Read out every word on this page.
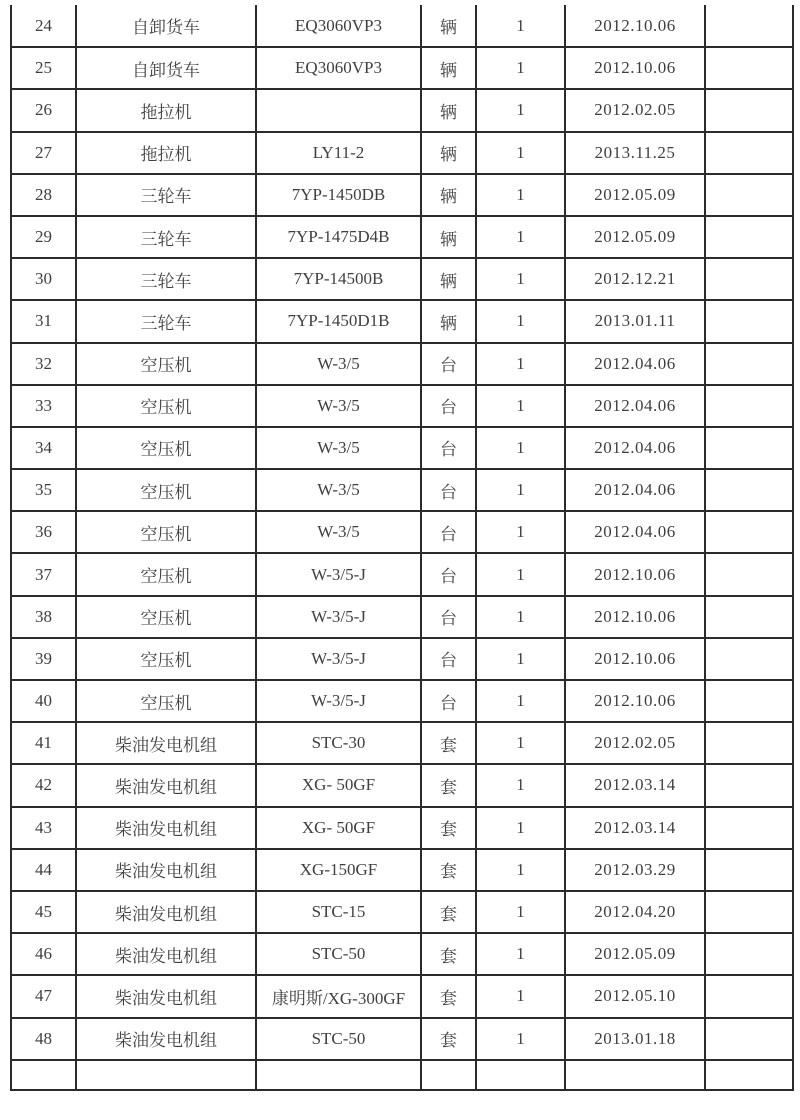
24	自卸货车	EQ3060VP3	辆	1	2012.10.06	
25	自卸货车	EQ3060VP3	辆	1	2012.10.06	
26	拖拉机		辆	1	2012.02.05	
27	拖拉机	LY11-2	辆	1	2013.11.25	
28	三轮车	7YP-1450DB	辆	1	2012.05.09	
29	三轮车	7YP-1475D4B	辆	1	2012.05.09	
30	三轮车	7YP-14500B	辆	1	2012.12.21	
31	三轮车	7YP-1450D1B	辆	1	2013.01.11	
32	空压机	W-3/5	台	1	2012.04.06	
33	空压机	W-3/5	台	1	2012.04.06	
34	空压机	W-3/5	台	1	2012.04.06	
35	空压机	W-3/5	台	1	2012.04.06	
36	空压机	W-3/5	台	1	2012.04.06	
37	空压机	W-3/5-J	台	1	2012.10.06	
38	空压机	W-3/5-J	台	1	2012.10.06	
39	空压机	W-3/5-J	台	1	2012.10.06	
40	空压机	W-3/5-J	台	1	2012.10.06	
41	柴油发电机组	STC-30	套	1	2012.02.05	
42	柴油发电机组	XG- 50GF	套	1	2012.03.14	
43	柴油发电机组	XG- 50GF	套	1	2012.03.14	
44	柴油发电机组	XG-150GF	套	1	2012.03.29	
45	柴油发电机组	STC-15	套	1	2012.04.20	
46	柴油发电机组	STC-50	套	1	2012.05.09	
47	柴油发电机组	康明斯/XG-300GF	套	1	2012.05.10	
48	柴油发电机组	STC-50	套	1	2013.01.18	
